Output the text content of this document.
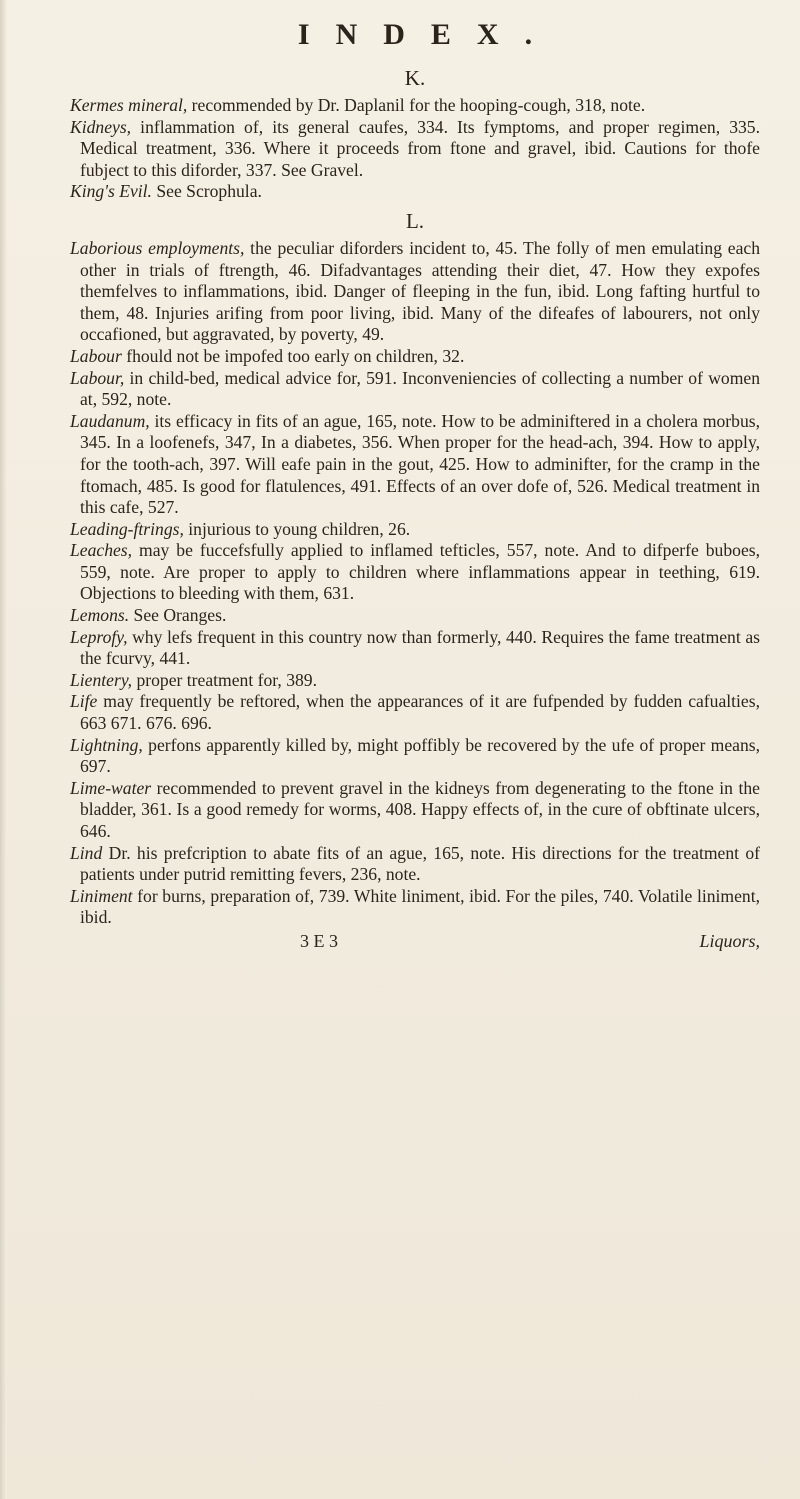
INDEX.
K.

Kermes mineral, recommended by Dr. Daplanil for the hooping-cough, 318, note.

Kidneys, inflammation of, its general caufes, 334. Its fymptoms, and proper regimen, 335. Medical treatment, 336. Where it proceeds from ftone and gravel, ibid. Cautions for thofe fubject to this diforder, 337. See Gravel.

King's Evil. See Scrophula.

L.

Laborious employments, the peculiar diforders incident to, 45. The folly of men emulating each other in trials of ftrength, 46. Difadvantages attending their diet, 47. How they expofes themfelves to inflammations, ibid. Danger of fleeping in the fun, ibid. Long fafting hurtful to them, 48. Injuries arifing from poor living, ibid. Many of the difeafes of labourers, not only occafioned, but aggravated, by poverty, 49.

Labour fhould not be impofed too early on children, 32.

Labour, in child-bed, medical advice for, 591. Inconveniencies of collecting a number of women at, 592, note.

Laudanum, its efficacy in fits of an ague, 165, note. How to be adminiftered in a cholera morbus, 345. In a loofenefs, 347, In a diabetes, 356. When proper for the head-ach, 394. How to apply, for the tooth-ach, 397. Will eafe pain in the gout, 425. How to adminifter, for the cramp in the ftomach, 485. Is good for flatulences, 491. Effects of an over dofe of, 526. Medical treatment in this cafe, 527.

Leading-ftrings, injurious to young children, 26.

Leaches, may be fuccefsfully applied to inflamed tefticles, 557, note. And to difperfe buboes, 559, note. Are proper to apply to children where inflammations appear in teething, 619. Objections to bleeding with them, 631.

Lemons. See Oranges.

Leprofy, why lefs frequent in this country now than formerly, 440. Requires the fame treatment as the fcurvy, 441.

Lientery, proper treatment for, 389.

Life may frequently be reftored, when the appearances of it are fufpended by fudden cafualties, 663 671. 676. 696.

Lightning, perfons apparently killed by, might poffibly be recovered by the ufe of proper means, 697.

Lime-water recommended to prevent gravel in the kidneys from degenerating to the ftone in the bladder, 361. Is a good remedy for worms, 408. Happy effects of, in the cure of obftinate ulcers, 646.

Lind Dr. his prefcription to abate fits of an ague, 165, note. His directions for the treatment of patients under putrid remitting fevers, 236, note.

Liniment for burns, preparation of, 739. White liniment, ibid. For the piles, 740. Volatile liniment, ibid.

3 E 3	Liquors,
